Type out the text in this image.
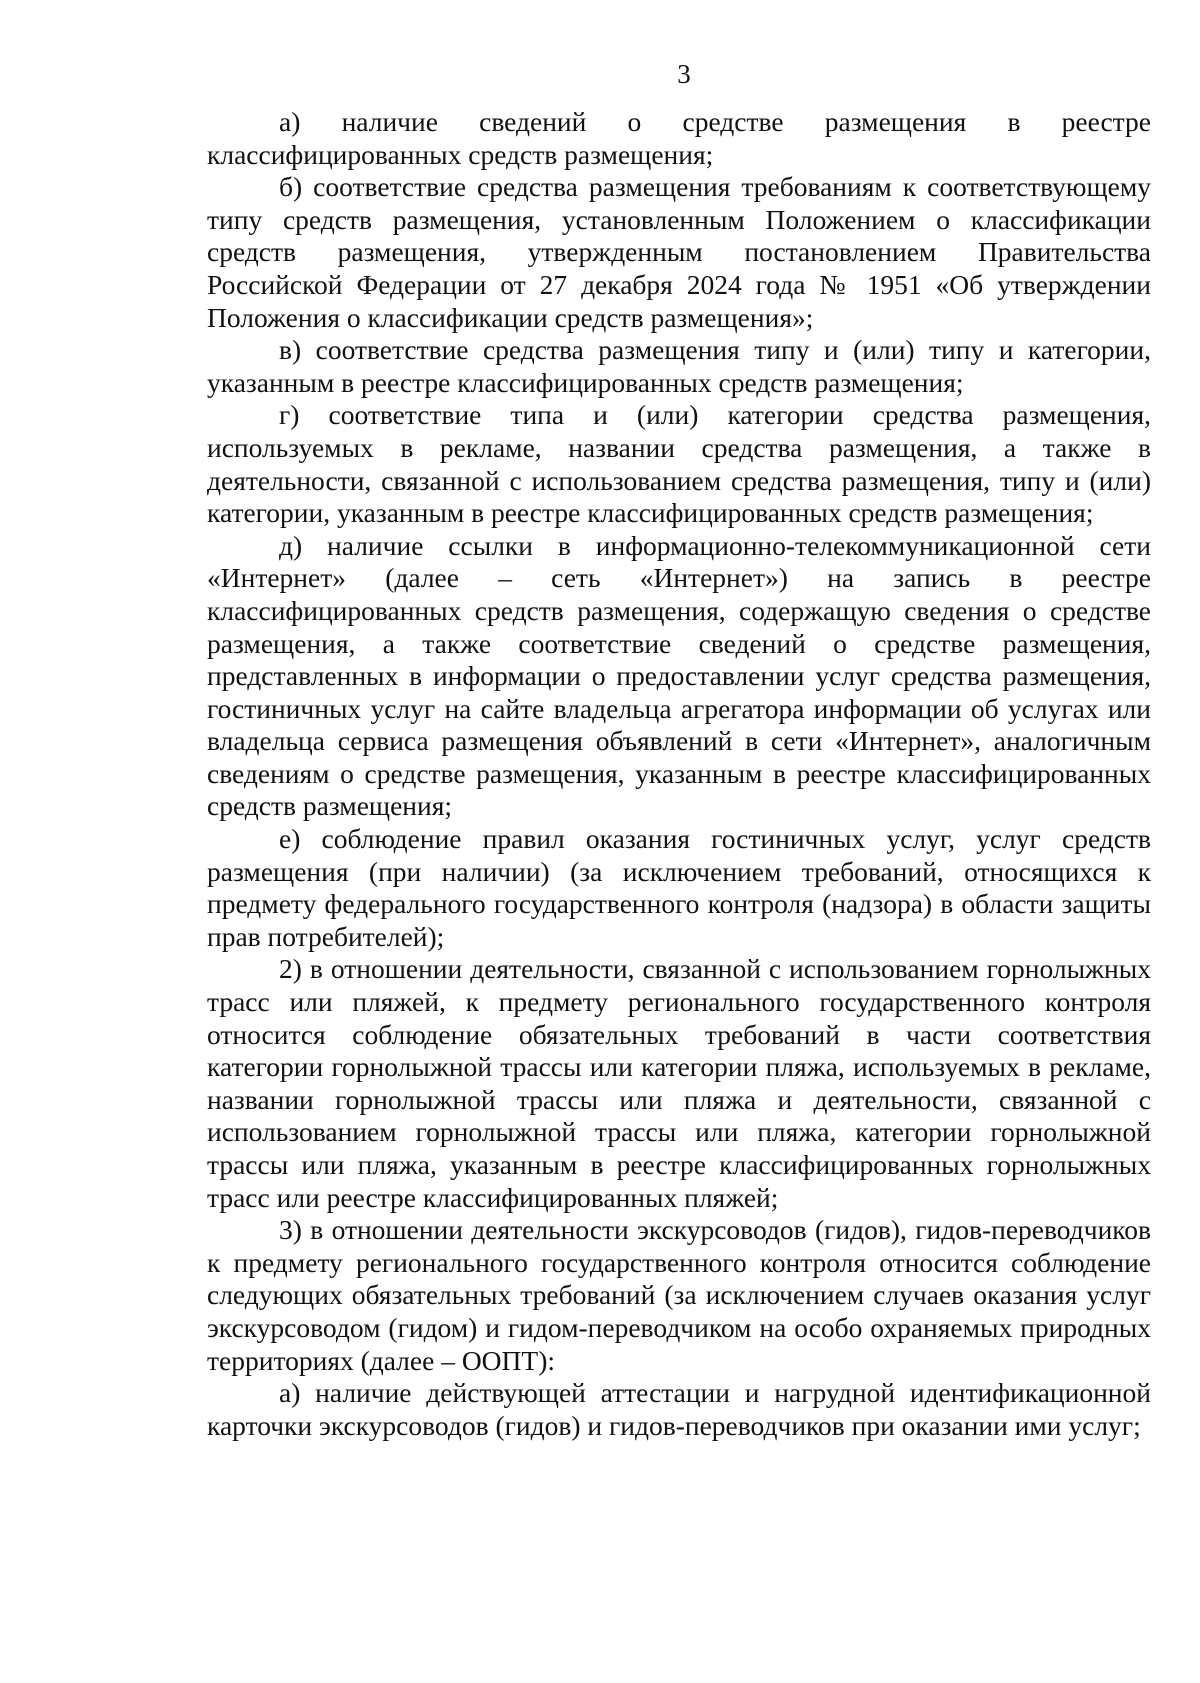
3

а) наличие сведений о средстве размещения в реестре классифицированных средств размещения;

б) соответствие средства размещения требованиям к соответствующему типу средств размещения, установленным Положением о классификации средств размещения, утвержденным постановлением Правительства Российской Федерации от 27 декабря 2024 года № 1951 «Об утверждении Положения о классификации средств размещения»;

в) соответствие средства размещения типу и (или) типу и категории, указанным в реестре классифицированных средств размещения;

г) соответствие типа и (или) категории средства размещения, используемых в рекламе, названии средства размещения, а также в деятельности, связанной с использованием средства размещения, типу и (или) категории, указанным в реестре классифицированных средств размещения;

д) наличие ссылки в информационно-телекоммуникационной сети «Интернет» (далее – сеть «Интернет») на запись в реестре классифицированных средств размещения, содержащую сведения о средстве размещения, а также соответствие сведений о средстве размещения, представленных в информации о предоставлении услуг средства размещения, гостиничных услуг на сайте владельца агрегатора информации об услугах или владельца сервиса размещения объявлений в сети «Интернет», аналогичным сведениям о средстве размещения, указанным в реестре классифицированных средств размещения;

е) соблюдение правил оказания гостиничных услуг, услуг средств размещения (при наличии) (за исключением требований, относящихся к предмету федерального государственного контроля (надзора) в области защиты прав потребителей);

2) в отношении деятельности, связанной с использованием горнолыжных трасс или пляжей, к предмету регионального государственного контроля относится соблюдение обязательных требований в части соответствия категории горнолыжной трассы или категории пляжа, используемых в рекламе, названии горнолыжной трассы или пляжа и деятельности, связанной с использованием горнолыжной трассы или пляжа, категории горнолыжной трассы или пляжа, указанным в реестре классифицированных горнолыжных трасс или реестре классифицированных пляжей;

3) в отношении деятельности экскурсоводов (гидов), гидов-переводчиков к предмету регионального государственного контроля относится соблюдение следующих обязательных требований (за исключением случаев оказания услуг экскурсоводом (гидом) и гидом-переводчиком на особо охраняемых природных территориях (далее – ООПТ):

а) наличие действующей аттестации и нагрудной идентификационной карточки экскурсоводов (гидов) и гидов-переводчиков при оказании ими услуг;
